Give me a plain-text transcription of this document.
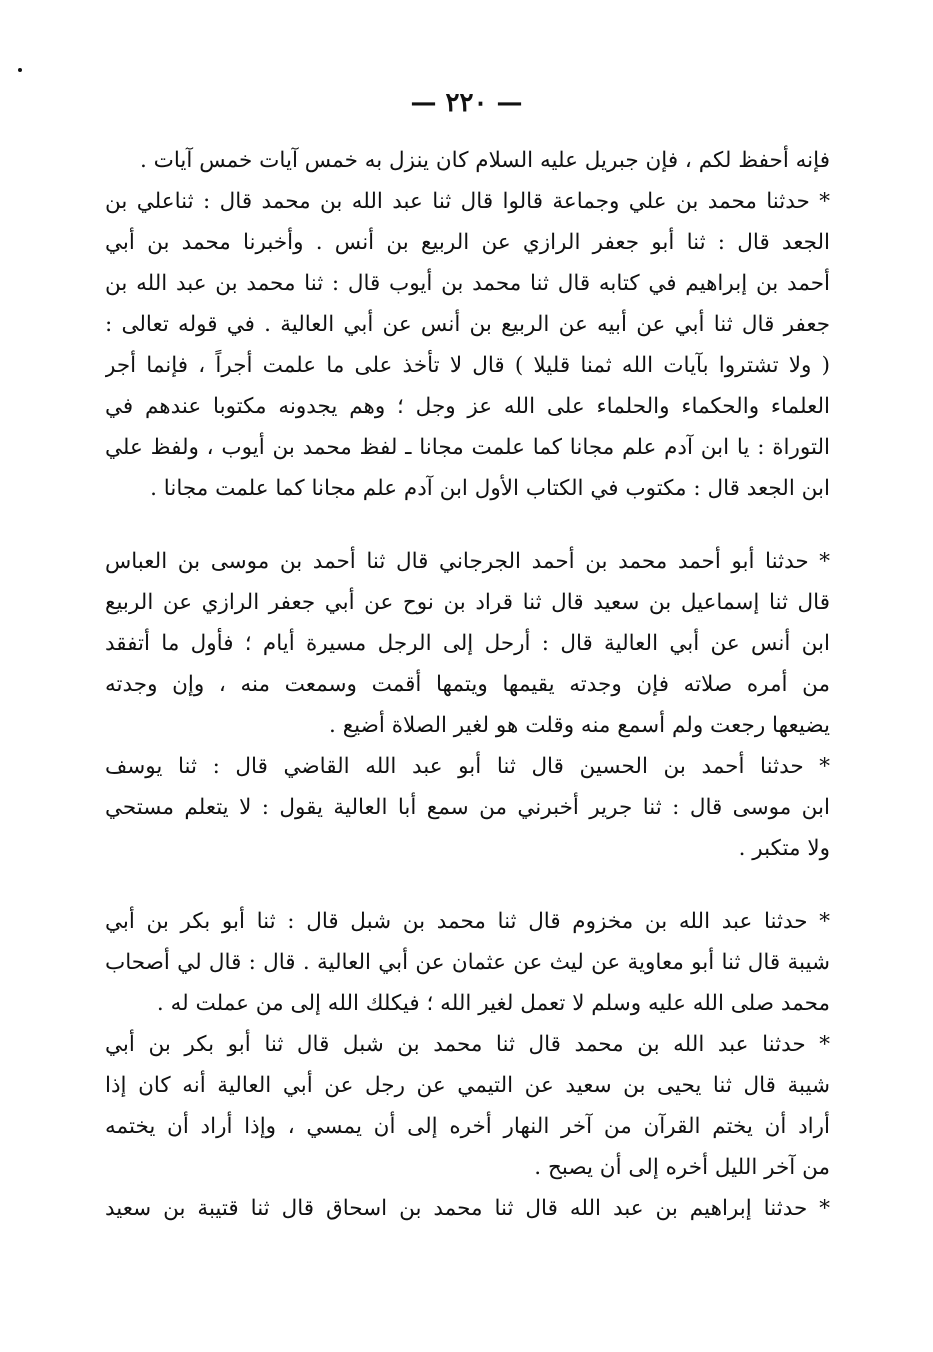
— ٢٢٠ —

فإنه أحفظ لكم ، فإن جبريل عليه السلام كان ينزل به خمس آيات خمس آيات .

* حدثنا محمد بن علي وجماعة قالوا قال ثنا عبد الله بن محمد قال : ثناعلي بن
الجعد قال : ثنا أبو جعفر الرازي عن الربيع بن أنس . وأخبرنا محمد بن أبي
أحمد بن إبراهيم في كتابه قال ثنا محمد بن أيوب قال : ثنا محمد بن عبد الله بن
جعفر قال ثنا أبي عن أبيه عن الربيع بن أنس عن أبي العالية . في قوله تعالى :
( ولا تشتروا بآيات الله ثمنا قليلا ) قال لا تأخذ على ما علمت أجراً ، فإنما أجر
العلماء والحكماء والحلماء على الله عز وجل ؛ وهم يجدونه مكتوبا عندهم في
التوراة : يا ابن آدم علم مجانا كما علمت مجانا ـ لفظ محمد بن أيوب ، ولفظ علي
ابن الجعد قال : مكتوب في الكتاب الأول ابن آدم علم مجانا كما علمت مجانا .

* حدثنا أبو أحمد محمد بن أحمد الجرجاني قال ثنا أحمد بن موسى بن العباس
قال ثنا إسماعيل بن سعيد قال ثنا قراد بن نوح عن أبي جعفر الرازي عن الربيع
ابن أنس عن أبي العالية قال : أرحل إلى الرجل مسيرة أيام ؛ فأول ما أتفقد
من أمره صلاته فإن وجدته يقيمها ويتمها أقمت وسمعت منه ، وإن وجدته
يضيعها رجعت ولم أسمع منه وقلت هو لغير الصلاة أضيع .

* حدثنا أحمد بن الحسين قال ثنا أبو عبد الله القاضي قال : ثنا يوسف
ابن موسى قال : ثنا جرير أخبرني من سمع أبا العالية يقول : لا يتعلم مستحي
ولا متكبر .

* حدثنا عبد الله بن مخزوم قال ثنا محمد بن شبل قال : ثنا أبو بكر بن أبي
شيبة قال ثنا أبو معاوية عن ليث عن عثمان عن أبي العالية . قال : قال لي أصحاب
محمد صلى الله عليه وسلم لا تعمل لغير الله ؛ فيكلك الله إلى من عملت له .

* حدثنا عبد الله بن محمد قال ثنا محمد بن شبل قال ثنا أبو بكر بن أبي
شيبة قال ثنا يحيى بن سعيد عن التيمي عن رجل عن أبي العالية أنه كان إذا
أراد أن يختم القرآن من آخر النهار أخره إلى أن يمسي ، وإذا أراد أن يختمه
من آخر الليل أخره إلى أن يصبح .

* حدثنا إبراهيم بن عبد الله قال ثنا محمد بن اسحاق قال ثنا قتيبة بن سعيد
